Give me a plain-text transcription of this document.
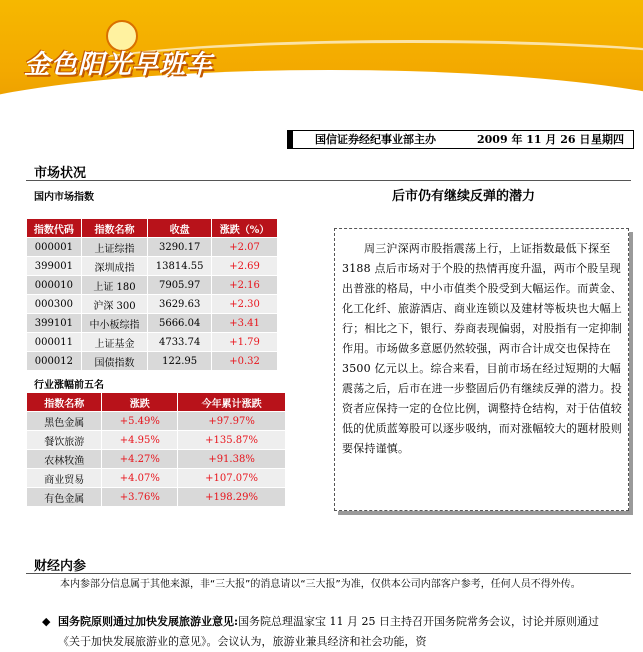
金色阳光早班车
国信证券经纪事业部主办	2009 年 11 月 26 日 星期四
市场状况
国内市场指数	后市仍有继续反弹的潜力
指数代码	指数名称	收盘	涨跌（%）
000001	上证综指	3290.17	+2.07
399001	深圳成指	13814.55	+2.69
000010	上证 180	7905.97	+2.16
000300	沪深 300	3629.63	+2.30
399101	中小板综指	5666.04	+3.41
000011	上证基金	4733.74	+1.79
000012	国债指数	122.95	+0.32
行业涨幅前五名
指数名称	涨跌	今年累计涨跌
黑色金属	+5.49%	+97.97%
餐饮旅游	+4.95%	+135.87%
农林牧渔	+4.27%	+91.38%
商业贸易	+4.07%	+107.07%
有色金属	+3.76%	+198.29%
周三沪深两市股指震荡上行，上证指数最低下探至 3188 点后市场对于个股的热情再度升温，两市个股呈现出普涨的格局，中小市值类个股受到大幅运作。而黄金、化工化纤、旅游酒店、商业连锁以及建材等板块也大幅上行；相比之下，银行、券商表现偏弱，对股指有一定抑制作用。市场做多意愿仍然较强，两市合计成交也保持在 3500 亿元以上。综合来看，目前市场在经过短期的大幅震荡之后，后市在进一步整固后仍有继续反弹的潜力。投资者应保持一定的仓位比例，调整持仓结构，对于估值较低的优质蓝筹股可以逐步吸纳，而对涨幅较大的题材股则要保持谨慎。
财经内参
本内参部分信息属于其他来源，非“三大报”的消息请以“三大报”为准，仅供本公司内部客户参考，任何人员不得外传。
◆ 国务院原则通过加快发展旅游业意见:国务院总理温家宝 11 月 25 日主持召开国务院常务会议，讨论并原则通过《关于加快发展旅游业的意见》。会议认为，旅游业兼具经济和社会功能，资
